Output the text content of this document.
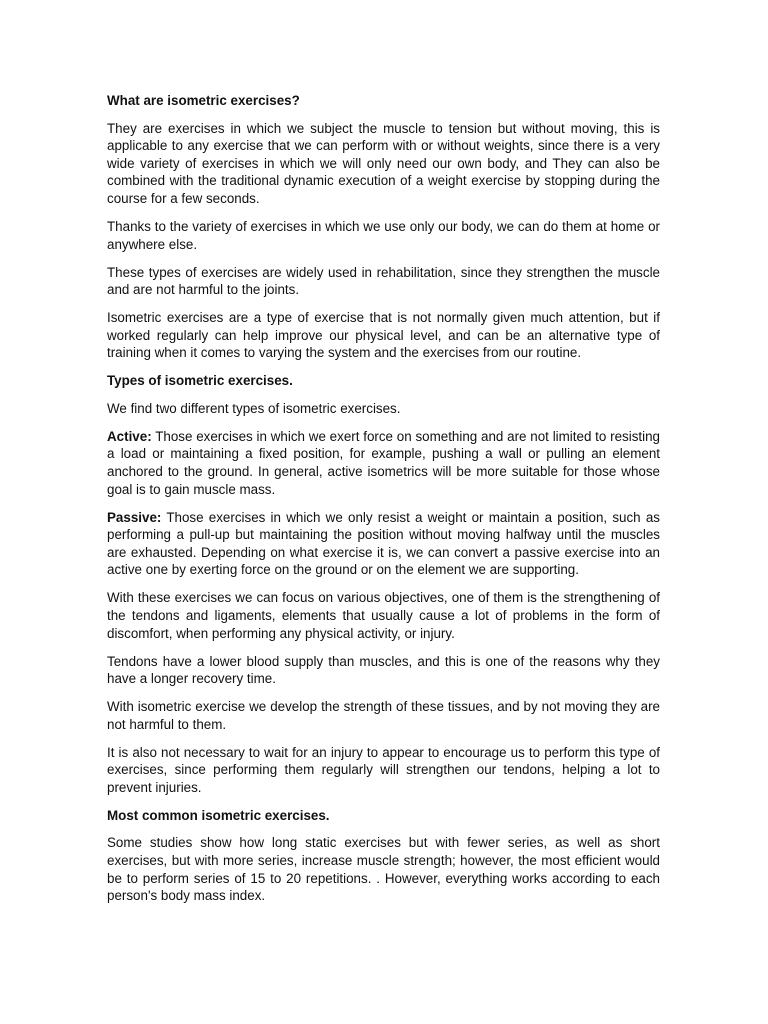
What are isometric exercises?

They are exercises in which we subject the muscle to tension but without moving, this is applicable to any exercise that we can perform with or without weights, since there is a very wide variety of exercises in which we will only need our own body, and They can also be combined with the traditional dynamic execution of a weight exercise by stopping during the course for a few seconds.

Thanks to the variety of exercises in which we use only our body, we can do them at home or anywhere else.

These types of exercises are widely used in rehabilitation, since they strengthen the muscle and are not harmful to the joints.

Isometric exercises are a type of exercise that is not normally given much attention, but if worked regularly can help improve our physical level, and can be an alternative type of training when it comes to varying the system and the exercises from our routine.

Types of isometric exercises.

We find two different types of isometric exercises.

Active: Those exercises in which we exert force on something and are not limited to resisting a load or maintaining a fixed position, for example, pushing a wall or pulling an element anchored to the ground. In general, active isometrics will be more suitable for those whose goal is to gain muscle mass.

Passive: Those exercises in which we only resist a weight or maintain a position, such as performing a pull-up but maintaining the position without moving halfway until the muscles are exhausted. Depending on what exercise it is, we can convert a passive exercise into an active one by exerting force on the ground or on the element we are supporting.

With these exercises we can focus on various objectives, one of them is the strengthening of the tendons and ligaments, elements that usually cause a lot of problems in the form of discomfort, when performing any physical activity, or injury.

Tendons have a lower blood supply than muscles, and this is one of the reasons why they have a longer recovery time.

With isometric exercise we develop the strength of these tissues, and by not moving they are not harmful to them.

It is also not necessary to wait for an injury to appear to encourage us to perform this type of exercises, since performing them regularly will strengthen our tendons, helping a lot to prevent injuries.

Most common isometric exercises.

Some studies show how long static exercises but with fewer series, as well as short exercises, but with more series, increase muscle strength; however, the most efficient would be to perform series of 15 to 20 repetitions. . However, everything works according to each person's body mass index.
